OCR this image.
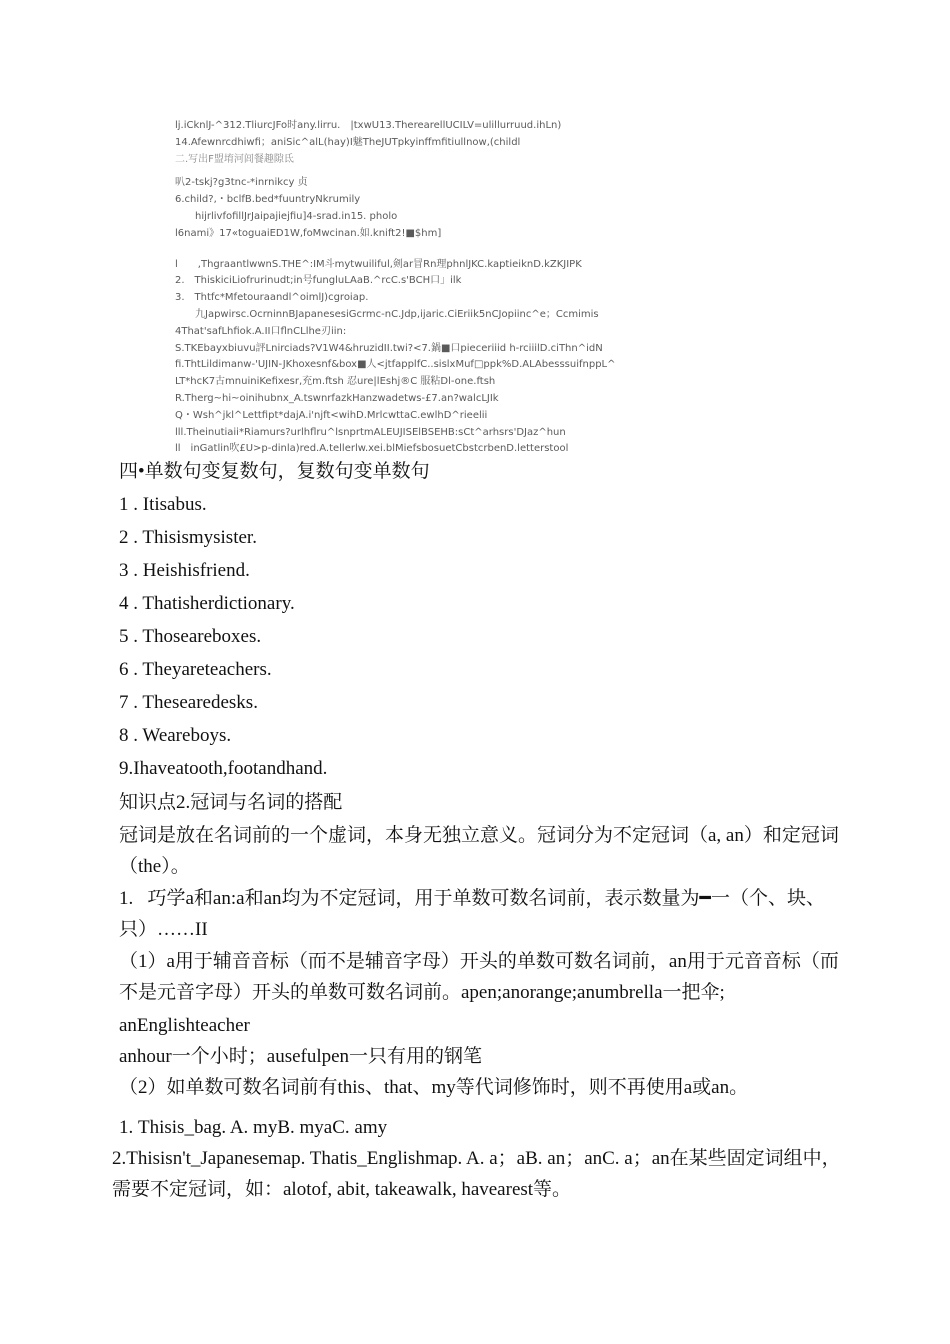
lj.iCknlJ-^312.TliurcJFo时any.lirru.　|txwU13.TherearellUCILV=ulillurruud.ihLn)
14.Afewnrcdhiwfi；aniSic^alL(hay)I魅TheJUTpkyinffmfitiullnow,(childl
二.写出F盟堉河闾餐趣隙氐
叭2-tskj?g3tnc-*inrnikcy 贞
6.child?,・bclfB.bed*fuuntryNkrumily
　　hijrlivfofillJrJaipajiejfiu]4-srad.in15. pholo
l6nami》17«toguaiED1W,foMwcinan.如.knift2!■$hm]
l　　,ThgraantlwwnS.THE^:IM斗mytwuiliful,剣ar冒Rn理phnlJKC.kaptieiknD.kZKJIPK
2.　ThiskiciLiofrurinudt;in号fungluLAaB.^rcC.s'BCH口」ilk
3.　Thtfc*Mfetouraandl^oimlJ)cgroiap.
　　九Japwirsc.OcrninnBJapanesesiGcrmc-nC.Jdp,ijaric.CiEriik5nCJopiinc^e；Ccmimis
4That'safLhfiok.A.II口flnCLlhe刃iin:
S.TKEbayxbiuvu評Lnirciads?V1W4&hruzidII.twi?<7.鍋■口pieceriiid h-rciiilD.ciThn^idN
fi.ThtLildimanw-'UJIN-JKhoxesnf&box■人<jtfapplfC..sislxMuf□ppk%D.ALAbesssuifnppL^
LT*hcK7古mnuiniKefixesr,充m.ftsh 忍ure|lEshj®C 服粘Dl-one.ftsh
R.Therg~hi~oinihubnx_A.tswnrfazkHanzwadetws-£7.an?walcLJIk
Q・Wsh^jkl^Lettfipt*dajA.i'njft<wihD.MrlcwttaC.ewlhD^rieelii
lll.Theinutiaii*Riamurs?urlhflru^lsnprtmALEUJISElBSEHB:sCt^arhsrs'DJaz^hun
ll　inGatlin吹£U>p-dinla)red.A.tellerlw.xei.blMiefsbosuetCbstcrbenD.letterstool
四•单数句变复数句，复数句变单数句
1 . Itisabus.
2 . Thisismysister.
3 . Heishisfriend.
4 . Thatisherdictionary.
5 . Thoseareboxes.
6 . Theyareteachers.
7 . Thesearedesks.
8 . Weareboys.
9.Ihaveatooth,footandhand.
知识点2.冠词与名词的搭配
冠词是放在名词前的一个虚词，本身无独立意义。冠词分为不定冠词（a, an）和定冠词（the）。
1.   巧学a和an:a和an均为不定冠词，用于单数可数名词前，表示数量为━一（个、块、只）……II
（1）a用于辅音音标（而不是辅音字母）开头的单数可数名词前，an用于元音音标（而不是元音字母）开头的单数可数名词前。apen;anorange;anumbrella一把伞;
anEnglishteacher
anhour一个小时；ausefulpen一只有用的钢笔
（2）如单数可数名词前有this、that、my等代词修饰时，则不再使用a或an。
1. Thisis_bag. A. myB. myaC. amy
2.Thisisn't_Japanesemap. Thatis_Englishmap. A. a；aB. an；anC. a；an在某些固定词组中，需要不定冠词，如：alotof, abit, takeawalk, havearest等。
